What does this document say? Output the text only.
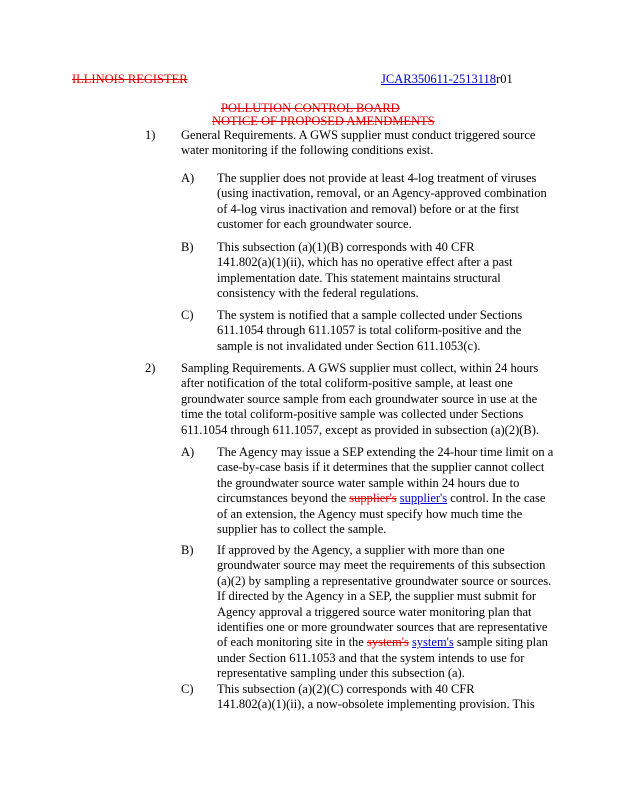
ILLINOIS REGISTER	JCAR350611-2513118r01
POLLUTION CONTROL BOARD
NOTICE OF PROPOSED AMENDMENTS
1) General Requirements. A GWS supplier must conduct triggered source
water monitoring if the following conditions exist.
A) The supplier does not provide at least 4-log treatment of viruses
(using inactivation, removal, or an Agency-approved combination
of 4-log virus inactivation and removal) before or at the first
customer for each groundwater source.
B) This subsection (a)(1)(B) corresponds with 40 CFR
141.802(a)(1)(ii), which has no operative effect after a past
implementation date. This statement maintains structural
consistency with the federal regulations.
C) The system is notified that a sample collected under Sections
611.1054 through 611.1057 is total coliform-positive and the
sample is not invalidated under Section 611.1053(c).
2) Sampling Requirements. A GWS supplier must collect, within 24 hours
after notification of the total coliform-positive sample, at least one
groundwater source sample from each groundwater source in use at the
time the total coliform-positive sample was collected under Sections
611.1054 through 611.1057, except as provided in subsection (a)(2)(B).
A) The Agency may issue a SEP extending the 24-hour time limit on a
case-by-case basis if it determines that the supplier cannot collect
the groundwater source water sample within 24 hours due to
circumstances beyond the supplier's supplier's control. In the case
of an extension, the Agency must specify how much time the
supplier has to collect the sample.
B) If approved by the Agency, a supplier with more than one
groundwater source may meet the requirements of this subsection
(a)(2) by sampling a representative groundwater source or sources.
If directed by the Agency in a SEP, the supplier must submit for
Agency approval a triggered source water monitoring plan that
identifies one or more groundwater sources that are representative
of each monitoring site in the system's system's sample siting plan
under Section 611.1053 and that the system intends to use for
representative sampling under this subsection (a).
C) This subsection (a)(2)(C) corresponds with 40 CFR
141.802(a)(1)(ii), a now-obsolete implementing provision. This
